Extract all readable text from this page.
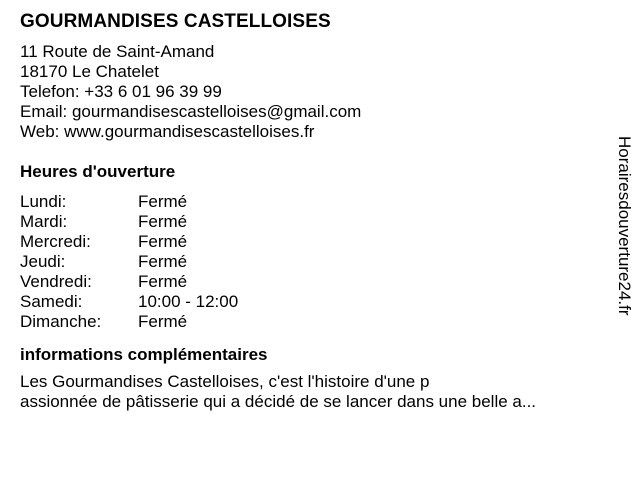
GOURMANDISES CASTELLOISES
11 Route de Saint-Amand
18170 Le Chatelet
Telefon: +33 6 01 96 39 99
Email: gourmandisescastelloises@gmail.com
Web: www.gourmandisescastelloises.fr
Heures d'ouverture
Lundi:	Fermé
Mardi:	Fermé
Mercredi:	Fermé
Jeudi:	Fermé
Vendredi:	Fermé
Samedi:	10:00 - 12:00
Dimanche:	Fermé
informations complémentaires
Les Gourmandises Castelloises, c'est l'histoire d'une p
assionnée de pâtisserie qui a décidé de se lancer dans une belle a...
Horairesdouverture24.fr
